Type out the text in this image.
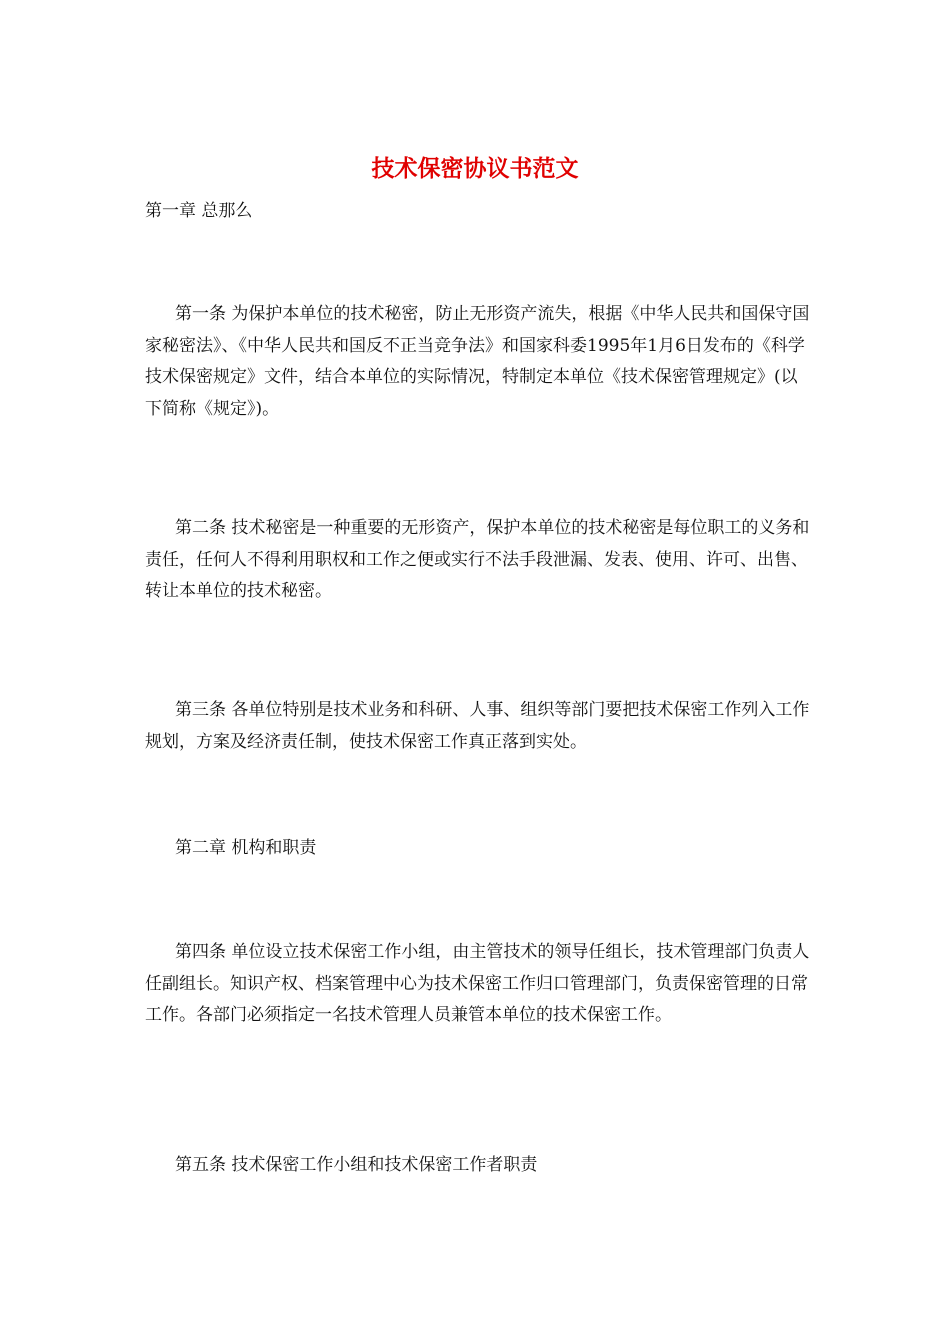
技术保密协议书范文

第一章 总那么

第一条 为保护本单位的技术秘密，防止无形资产流失，根据《中华人民共和国保守国家秘密法》、《中华人民共和国反不正当竞争法》和国家科委1995年1月6日发布的《科学技术保密规定》文件，结合本单位的实际情况，特制定本单位《技术保密管理规定》(以下简称《规定》)。

第二条 技术秘密是一种重要的无形资产，保护本单位的技术秘密是每位职工的义务和责任，任何人不得利用职权和工作之便或实行不法手段泄漏、发表、使用、许可、出售、转让本单位的技术秘密。

第三条 各单位特别是技术业务和科研、人事、组织等部门要把技术保密工作列入工作规划，方案及经济责任制，使技术保密工作真正落到实处。

第二章 机构和职责

第四条 单位设立技术保密工作小组，由主管技术的领导任组长，技术管理部门负责人任副组长。知识产权、档案管理中心为技术保密工作归口管理部门，负责保密管理的日常工作。各部门必须指定一名技术管理人员兼管本单位的技术保密工作。

第五条 技术保密工作小组和技术保密工作者职责
